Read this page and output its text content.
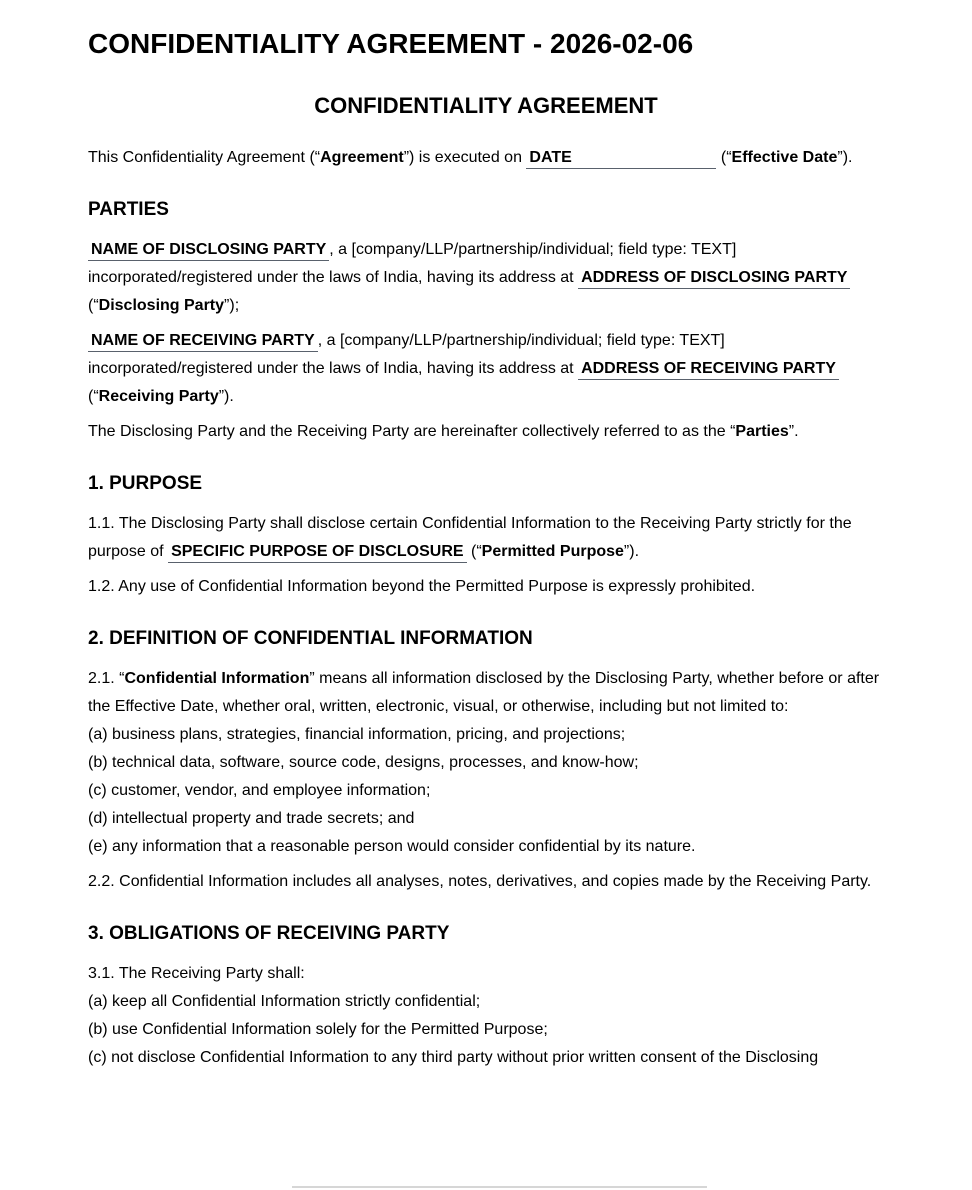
CONFIDENTIALITY AGREEMENT - 2026-02-06
CONFIDENTIALITY AGREEMENT

This Confidentiality Agreement (“Agreement”) is executed on DATE	(“Effective Date”).

PARTIES

NAME OF DISCLOSING PARTY , a [company/LLP/partnership/individual; field type: TEXT] incorporated/registered under the laws of India, having its address at ADDRESS OF DISCLOSING PARTY (“Disclosing Party”);

NAME OF RECEIVING PARTY , a [company/LLP/partnership/individual; field type: TEXT] incorporated/registered under the laws of India, having its address at ADDRESS OF RECEIVING PARTY (“Receiving Party”).

The Disclosing Party and the Receiving Party are hereinafter collectively referred to as the “Parties”.

1. PURPOSE

1.1. The Disclosing Party shall disclose certain Confidential Information to the Receiving Party strictly for the purpose of SPECIFIC PURPOSE OF DISCLOSURE (“Permitted Purpose”).

1.2. Any use of Confidential Information beyond the Permitted Purpose is expressly prohibited.

2. DEFINITION OF CONFIDENTIAL INFORMATION

2.1. “Confidential Information” means all information disclosed by the Disclosing Party, whether before or after the Effective Date, whether oral, written, electronic, visual, or otherwise, including but not limited to:
(a) business plans, strategies, financial information, pricing, and projections;
(b) technical data, software, source code, designs, processes, and know-how;
(c) customer, vendor, and employee information;
(d) intellectual property and trade secrets; and
(e) any information that a reasonable person would consider confidential by its nature.

2.2. Confidential Information includes all analyses, notes, derivatives, and copies made by the Receiving Party.

3. OBLIGATIONS OF RECEIVING PARTY

3.1. The Receiving Party shall:
(a) keep all Confidential Information strictly confidential;
(b) use Confidential Information solely for the Permitted Purpose;
(c) not disclose Confidential Information to any third party without prior written consent of the Disclosing
